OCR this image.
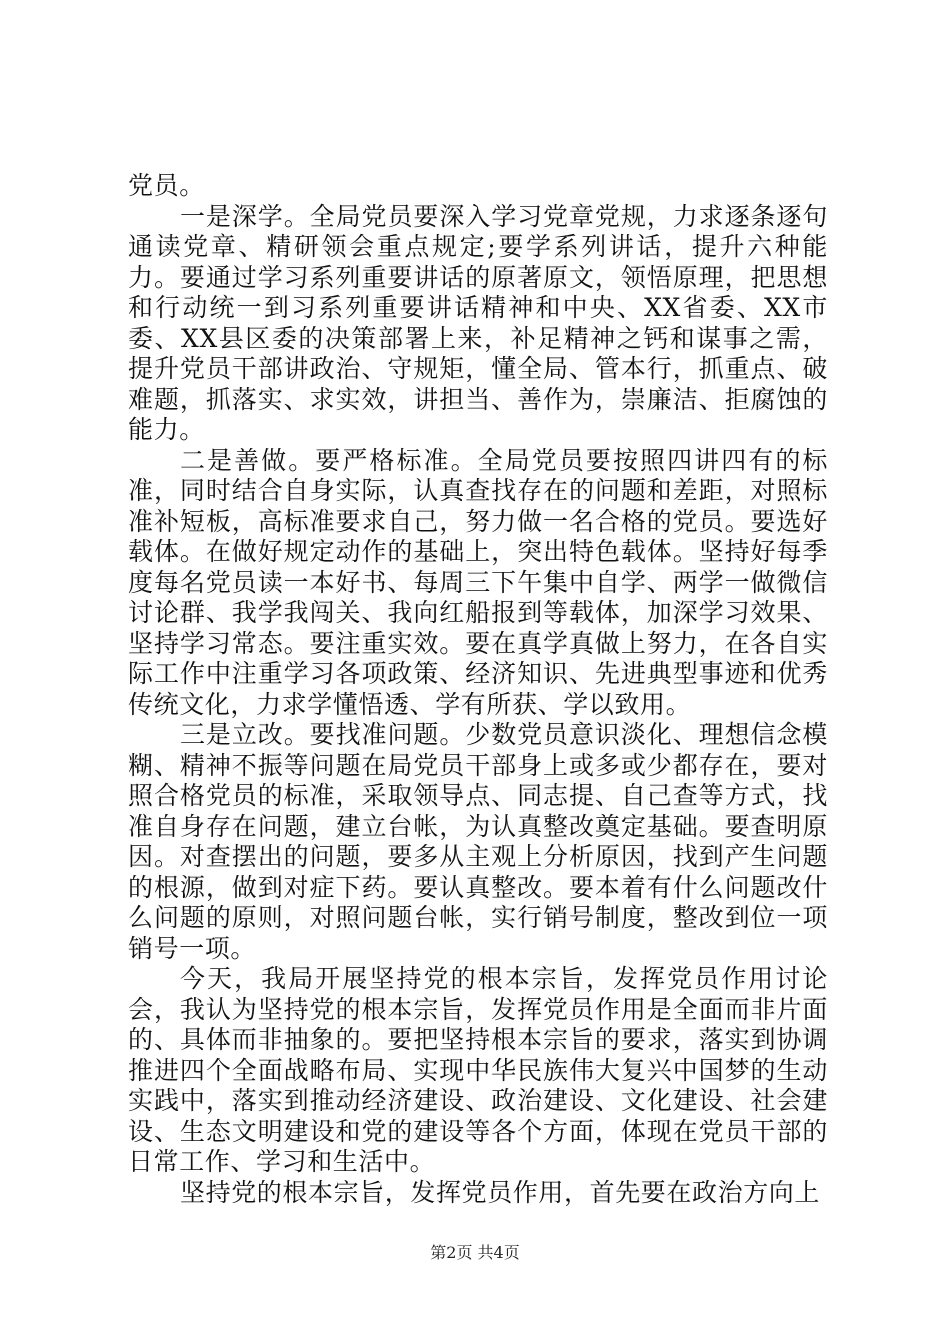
党员。

一是深学。全局党员要深入学习党章党规，力求逐条逐句通读党章、精研领会重点规定;要学系列讲话，提升六种能力。要通过学习系列重要讲话的原著原文，领悟原理，把思想和行动统一到习系列重要讲话精神和中央、XX省委、XX市委、XX县区委的决策部署上来，补足精神之钙和谋事之需，提升党员干部讲政治、守规矩，懂全局、管本行，抓重点、破难题，抓落实、求实效，讲担当、善作为，崇廉洁、拒腐蚀的能力。

二是善做。要严格标准。全局党员要按照四讲四有的标准，同时结合自身实际，认真查找存在的问题和差距，对照标准补短板，高标准要求自己，努力做一名合格的党员。要选好载体。在做好规定动作的基础上，突出特色载体。坚持好每季度每名党员读一本好书、每周三下午集中自学、两学一做微信讨论群、我学我闯关、我向红船报到等载体，加深学习效果、坚持学习常态。要注重实效。要在真学真做上努力，在各自实际工作中注重学习各项政策、经济知识、先进典型事迹和优秀传统文化，力求学懂悟透、学有所获、学以致用。

三是立改。要找准问题。少数党员意识淡化、理想信念模糊、精神不振等问题在局党员干部身上或多或少都存在，要对照合格党员的标准，采取领导点、同志提、自己查等方式，找准自身存在问题，建立台帐，为认真整改奠定基础。要查明原因。对查摆出的问题，要多从主观上分析原因，找到产生问题的根源，做到对症下药。要认真整改。要本着有什么问题改什么问题的原则，对照问题台帐，实行销号制度，整改到位一项销号一项。

今天，我局开展坚持党的根本宗旨，发挥党员作用讨论会，我认为坚持党的根本宗旨，发挥党员作用是全面而非片面的、具体而非抽象的。要把坚持根本宗旨的要求，落实到协调推进四个全面战略布局、实现中华民族伟大复兴中国梦的生动实践中，落实到推动经济建设、政治建设、文化建设、社会建设、生态文明建设和党的建设等各个方面，体现在党员干部的日常工作、学习和生活中。

坚持党的根本宗旨，发挥党员作用，首先要在政治方向上

第2页 共4页
